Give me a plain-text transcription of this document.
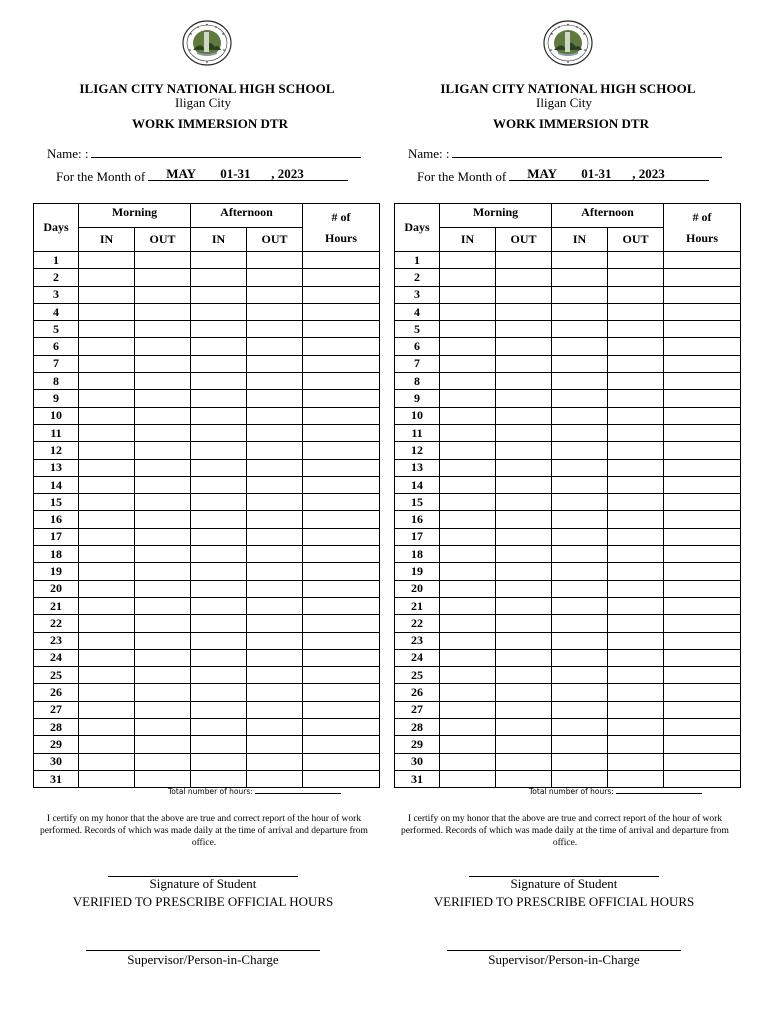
ILIGAN CITY NATIONAL HIGH SCHOOL
Iligan City
WORK IMMERSION DTR
Name: :
For the Month of MAY 01-31 , 2023
Days	Morning		Afternoon		# of
Hours

	IN	OUT	IN	OUT	
1					
2					
3					
4					
5					
6					
7					
8					
9					
10					
11					
12					
13					
14					
15					
16					
17					
18					
19					
20					
21					
22					
23					
24					
25					
26					
27					
28					
29					
30					
31					
Total number of hours:
I certify on my honor that the above are true and correct report of the hour of work performed. Records of which was made daily at the time of arrival and departure from office.
Signature of Student
VERIFIED TO PRESCRIBE OFFICIAL HOURS
Supervisor/Person-in-Charge
ILIGAN CITY NATIONAL HIGH SCHOOL
Iligan City
WORK IMMERSION DTR
Name: :
For the Month of MAY 01-31 , 2023
Days	Morning		Afternoon		# of
Hours

	IN	OUT	IN	OUT	
1					
2					
3					
4					
5					
6					
7					
8					
9					
10					
11					
12					
13					
14					
15					
16					
17					
18					
19					
20					
21					
22					
23					
24					
25					
26					
27					
28					
29					
30					
31					
Total number of hours:
I certify on my honor that the above are true and correct report of the hour of work performed. Records of which was made daily at the time of arrival and departure from office.
Signature of Student
VERIFIED TO PRESCRIBE OFFICIAL HOURS
Supervisor/Person-in-Charge
